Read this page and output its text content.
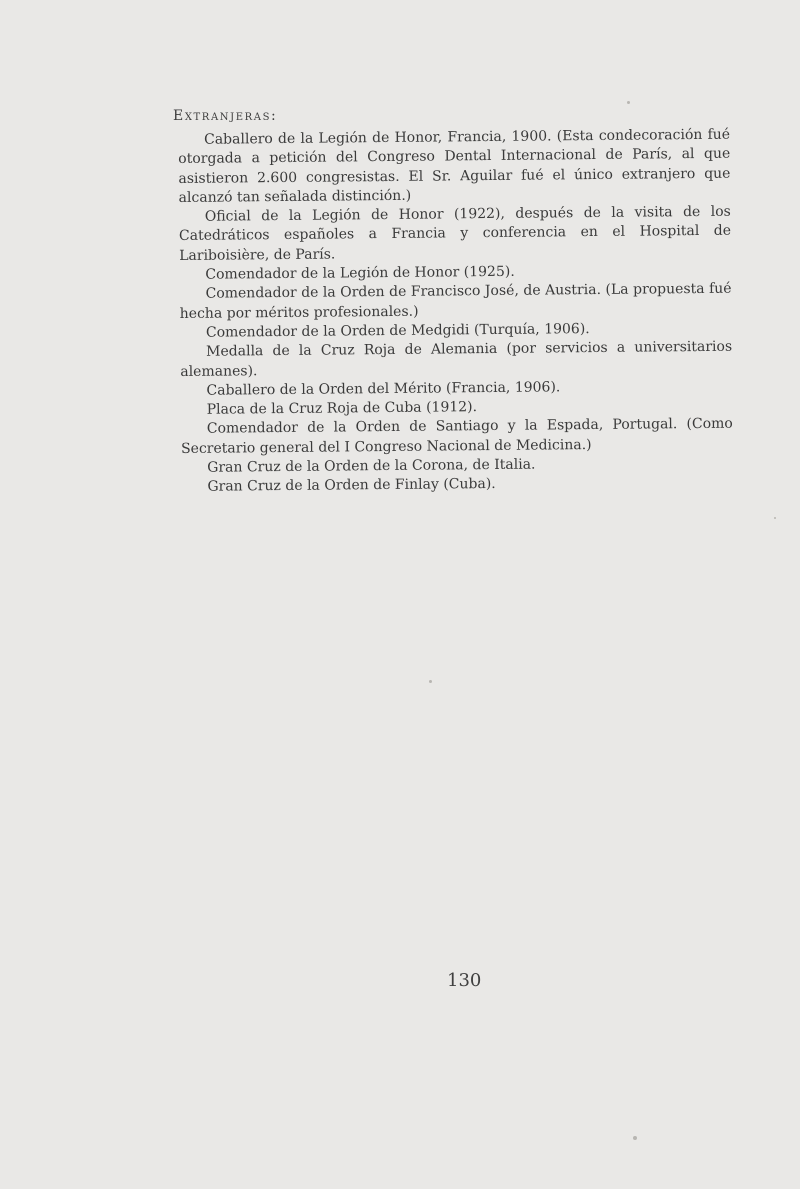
Extranjeras:

Caballero de la Legión de Honor, Francia, 1900. (Esta condecoración fué otorgada a petición del Congreso Dental Internacional de París, al que asistieron 2.600 congresistas. El Sr. Aguilar fué el único extranjero que alcanzó tan señalada distinción.)

Oficial de la Legión de Honor (1922), después de la visita de los Catedráticos españoles a Francia y conferencia en el Hospital de Lariboisière, de París.

Comendador de la Legión de Honor (1925).

Comendador de la Orden de Francisco José, de Austria. (La propuesta fué hecha por méritos profesionales.)

Comendador de la Orden de Medgidi (Turquía, 1906).

Medalla de la Cruz Roja de Alemania (por servicios a universitarios alemanes).

Caballero de la Orden del Mérito (Francia, 1906).

Placa de la Cruz Roja de Cuba (1912).

Comendador de la Orden de Santiago y la Espada, Portugal. (Como Secretario general del I Congreso Nacional de Medicina.)

Gran Cruz de la Orden de la Corona, de Italia.

Gran Cruz de la Orden de Finlay (Cuba).

130
